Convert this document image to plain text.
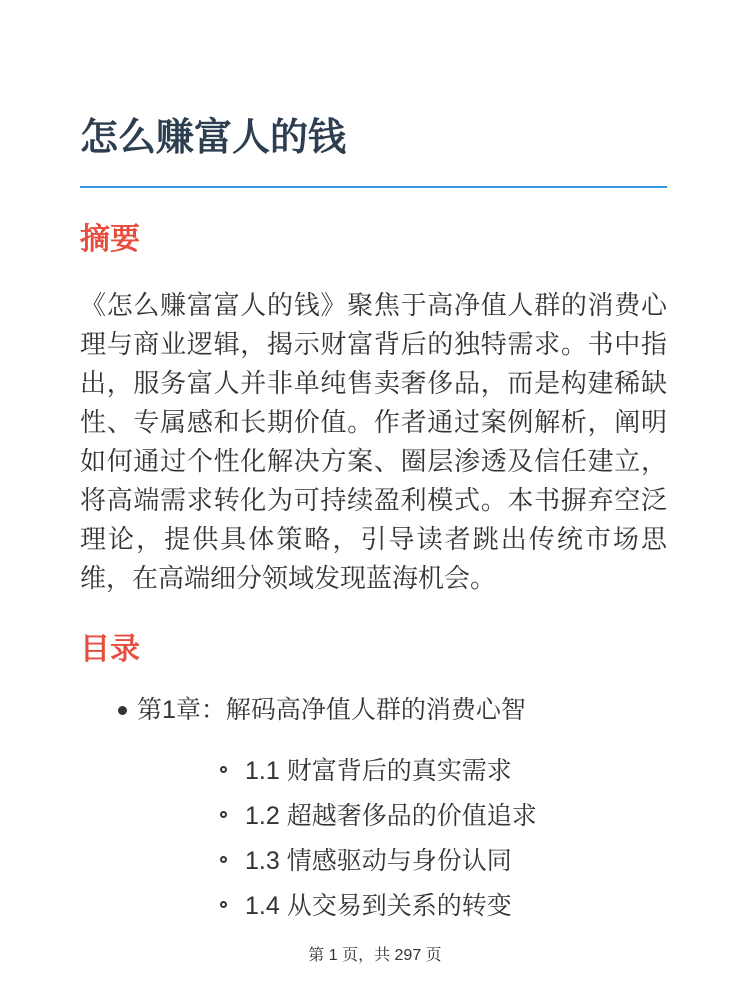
怎么赚富人的钱
摘要

《怎么赚富富人的钱》聚焦于高净值人群的消费心理与商业逻辑，揭示财富背后的独特需求。书中指出，服务富人并非单纯售卖奢侈品，而是构建稀缺性、专属感和长期价值。作者通过案例解析，阐明如何通过个性化解决方案、圈层渗透及信任建立，将高端需求转化为可持续盈利模式。本书摒弃空泛理论，提供具体策略，引导读者跳出传统市场思维，在高端细分领域发现蓝海机会。

目录
第1章：解码高净值人群的消费心智
1.1 财富背后的真实需求
1.2 超越奢侈品的价值追求
1.3 情感驱动与身份认同
1.4 从交易到关系的转变
第 1 页，共 297 页
